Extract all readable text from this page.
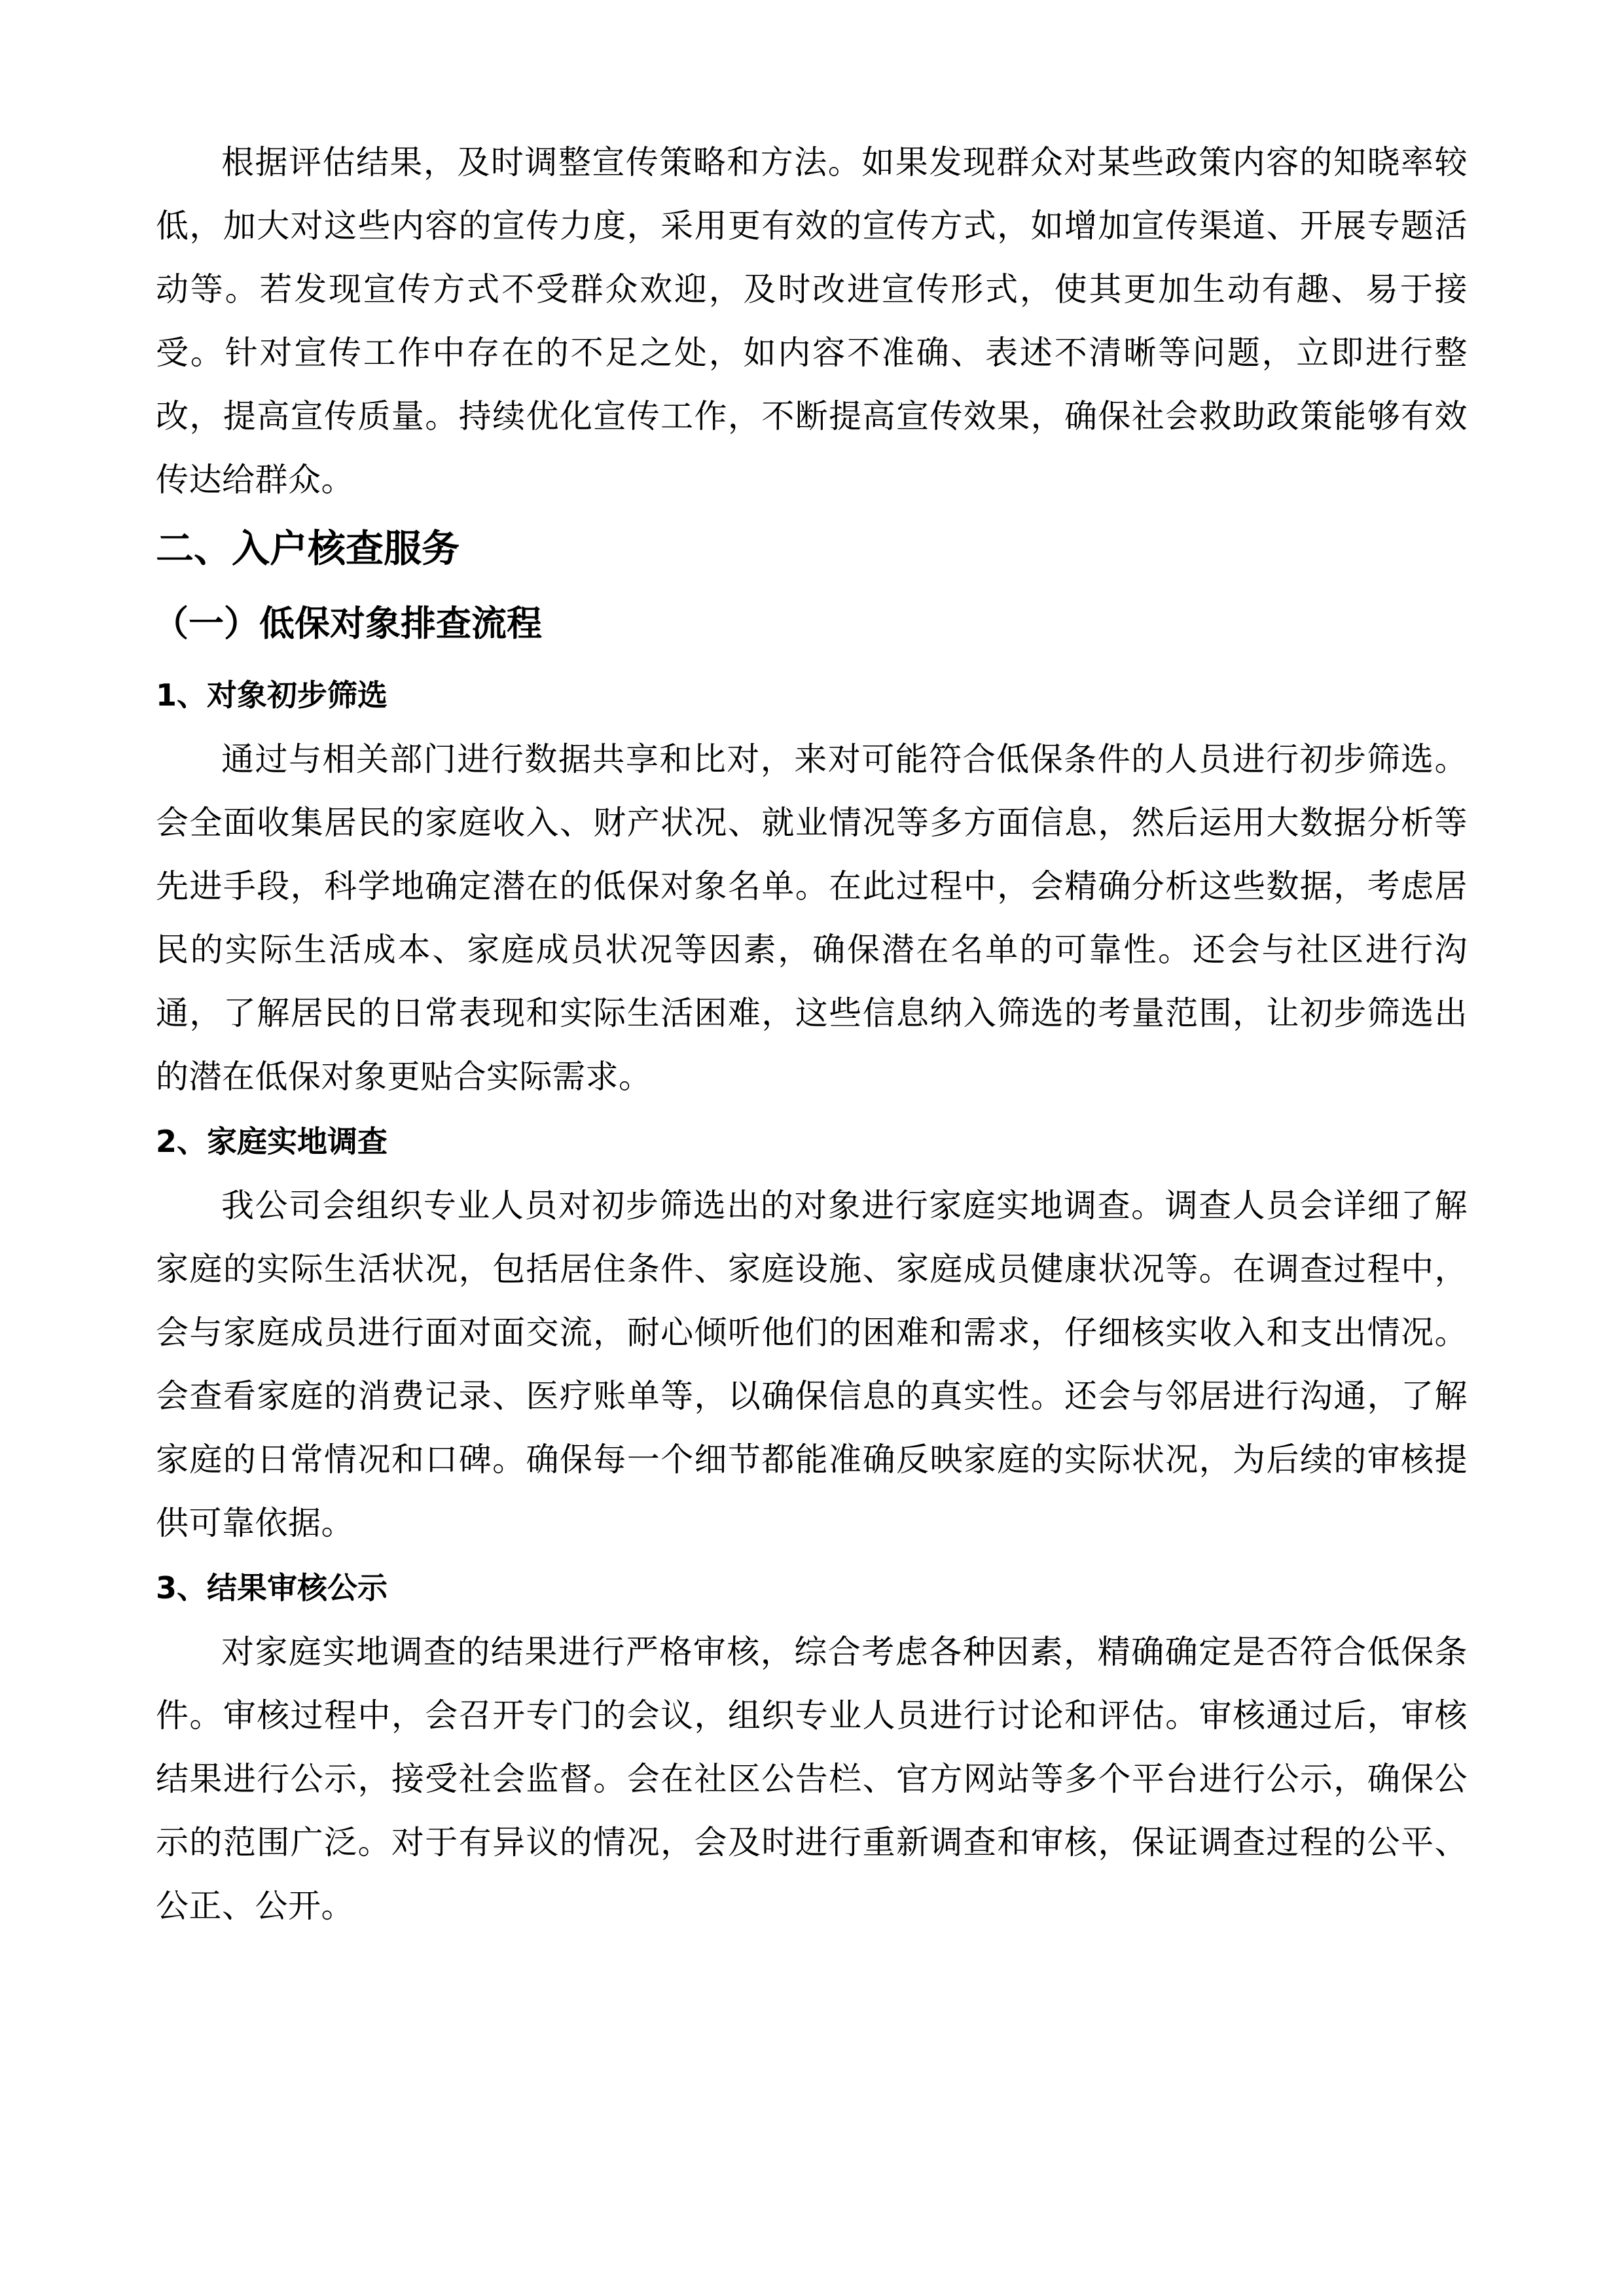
根据评估结果，及时调整宣传策略和方法。如果发现群众对某些政策内容的知晓率较低，加大对这些内容的宣传力度，采用更有效的宣传方式，如增加宣传渠道、开展专题活动等。若发现宣传方式不受群众欢迎，及时改进宣传形式，使其更加生动有趣、易于接受。针对宣传工作中存在的不足之处，如内容不准确、表述不清晰等问题，立即进行整改，提高宣传质量。持续优化宣传工作，不断提高宣传效果，确保社会救助政策能够有效传达给群众。

二、入户核查服务
（一）低保对象排查流程
1、对象初步筛选

通过与相关部门进行数据共享和比对，来对可能符合低保条件的人员进行初步筛选。会全面收集居民的家庭收入、财产状况、就业情况等多方面信息，然后运用大数据分析等先进手段，科学地确定潜在的低保对象名单。在此过程中，会精确分析这些数据，考虑居民的实际生活成本、家庭成员状况等因素，确保潜在名单的可靠性。还会与社区进行沟通，了解居民的日常表现和实际生活困难，这些信息纳入筛选的考量范围，让初步筛选出的潜在低保对象更贴合实际需求。

2、家庭实地调查

我公司会组织专业人员对初步筛选出的对象进行家庭实地调查。调查人员会详细了解家庭的实际生活状况，包括居住条件、家庭设施、家庭成员健康状况等。在调查过程中，会与家庭成员进行面对面交流，耐心倾听他们的困难和需求，仔细核实收入和支出情况。会查看家庭的消费记录、医疗账单等，以确保信息的真实性。还会与邻居进行沟通，了解家庭的日常情况和口碑。确保每一个细节都能准确反映家庭的实际状况，为后续的审核提供可靠依据。

3、结果审核公示

对家庭实地调查的结果进行严格审核，综合考虑各种因素，精确确定是否符合低保条件。审核过程中，会召开专门的会议，组织专业人员进行讨论和评估。审核通过后，审核结果进行公示，接受社会监督。会在社区公告栏、官方网站等多个平台进行公示，确保公示的范围广泛。对于有异议的情况，会及时进行重新调查和审核，保证调查过程的公平、公正、公开。
